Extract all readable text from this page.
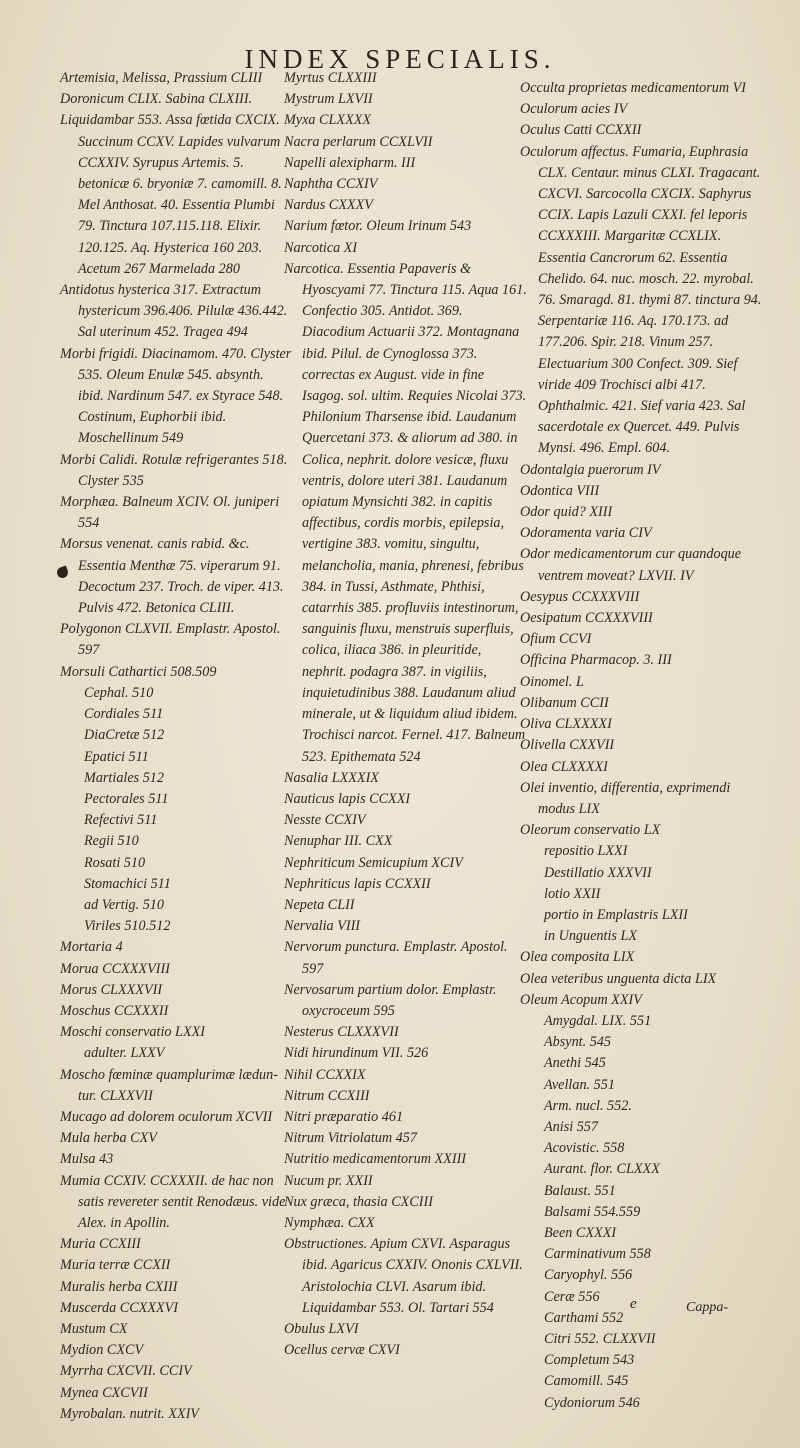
INDEX SPECIALIS.

Artemisia, Melissa, Prassium CLIII

Doronicum CLIX. Sabina CLXIII.

Liquidambar 553. Assa fœtida CXCIX. Succinum CCXV. Lapides vulvarum CCXXIV. Syrupus Artemis. 5. betonicæ 6. bryoniæ 7. camomill. 8. Mel Anthosat. 40. Essentia Plumbi 79. Tinctura 107.115.118. Elixir. 120.125. Aq. Hysterica 160 203. Acetum 267 Marmelada 280

Antidotus hysterica 317. Extractum hystericum 396.406. Pilulæ 436.442. Sal uterinum 452. Tragea 494

Morbi frigidi. Diacinamom. 470. Clyster 535. Oleum Enulæ 545. absynth. ibid. Nardinum 547. ex Styrace 548. Costinum, Euphorbii ibid. Moschellinum 549

Morbi Calidi. Rotulæ refrigerantes 518. Clyster 535

Morphæa. Balneum XCIV. Ol. juniperi 554

Morsus venenat. canis rabid. &c. Essentia Menthæ 75. viperarum 91. Decoctum 237. Troch. de viper. 413. Pulvis 472. Betonica CLIII.

Polygonon CLXVII. Emplastr. Apostol. 597

Morsuli Cathartici 508.509

Cephal. 510

Cordiales 511

DiaCretæ 512

Epatici 511

Martiales 512

Pectorales 511

Refectivi 511

Regii 510

Rosati 510

Stomachici 511

ad Vertig. 510

Viriles 510.512

Mortaria 4

Morua CCXXXVIII

Morus CLXXXVII

Moschus CCXXXII

Moschi conservatio LXXI

adulter. LXXV

Moscho fœminæ quamplurimæ lædun- tur. CLXXVII

Mucago ad dolorem oculorum XCVII

Mula herba CXV

Mulsa 43

Mumia CCXIV. CCXXXII. de hac non satis revereter sentit Renodæus. vide Alex. in Apollin.

Muria CCXIII

Muria terræ CCXII

Muralis herba CXIII

Muscerda CCXXXVI

Mustum CX

Mydion CXCV

Myrrha CXCVII. CCIV

Mynea CXCVII

Myrobalan. nutrit. XXIV

Myrtus CLXXIII

Mystrum LXVII

Myxa CLXXXX

Nacra perlarum CCXLVII

Napelli alexipharm. III

Naphtha CCXIV

Nardus CXXXV

Narium fœtor. Oleum Irinum 543

Narcotica XI

Narcotica. Essentia Papaveris & Hyoscyami 77. Tinctura 115. Aqua 161. Confectio 305. Antidot. 369. Diacodium Actuarii 372. Montagnana ibid. Pilul. de Cynoglossa 373. correctas ex August. vide in fine Isagog. sol. ultim. Requies Nicolai 373. Philonium Tharsense ibid. Laudanum Quercetani 373. & aliorum ad 380. in Colica, nephrit. dolore vesicæ, fluxu ventris, dolore uteri 381. Laudanum opiatum Mynsichti 382. in capitis affectibus, cordis morbis, epilepsia, vertigine 383. vomitu, singultu, melancholia, mania, phrenesi, febribus 384. in Tussi, Asthmate, Phthisi, catarrhis 385. profluviis intestinorum, sanguinis fluxu, menstruis superfluis, colica, iliaca 386. in pleuritide, nephrit. podagra 387. in vigiliis, inquietudinibus 388. Laudanum aliud minerale, ut & liquidum aliud ibidem. Trochisci narcot. Fernel. 417. Balneum 523. Epithemata 524

Nasalia LXXXIX

Nauticus lapis CCXXI

Nesste CCXIV

Nenuphar III. CXX

Nephriticum Semicupium XCIV

Nephriticus lapis CCXXII

Nepeta CLII

Nervalia VIII

Nervorum punctura. Emplastr. Apostol. 597

Nervosarum partium dolor. Emplastr. oxycroceum 595

Nesterus CLXXXVII

Nidi hirundinum VII. 526

Nihil CCXXIX

Nitrum CCXIII

Nitri præparatio 461

Nitrum Vitriolatum 457

Nutritio medicamentorum XXIII

Nucum pr. XXII

Nux græca, thasia CXCIII

Nymphæa. CXX

Obstructiones. Apium CXVI. Asparagus ibid. Agaricus CXXIV. Ononis CXLVII. Aristolochia CLVI. Asarum ibid. Liquidambar 553. Ol. Tartari 554

Obulus LXVI

Ocellus cervæ CXVI

Occulta proprietas medicamentorum VI

Oculorum acies IV

Oculus Catti CCXXII

Oculorum affectus. Fumaria, Euphrasia CLX. Centaur. minus CLXI. Tragacant. CXCVI. Sarcocolla CXCIX. Saphyrus CCIX. Lapis Lazuli CXXI. fel leporis CCXXXIII. Margaritæ CCXLIX. Essentia Cancrorum 62. Essentia Chelido. 64. nuc. mosch. 22. myrobal. 76. Smaragd. 81. thymi 87. tinctura 94. Serpentariæ 116. Aq. 170.173. ad 177.206. Spir. 218. Vinum 257. Electuarium 300 Confect. 309. Sief viride 409 Trochisci albi 417. Ophthalmic. 421. Sief varia 423. Sal sacerdotale ex Quercet. 449. Pulvis Mynsi. 496. Empl. 604.

Odontalgia puerorum IV

Odontica VIII

Odor quid? XIII

Odoramenta varia CIV

Odor medicamentorum cur quandoque ventrem moveat? LXVII. IV

Oesypus CCXXXVIII

Oesipatum CCXXXVIII

Ofium CCVI

Officina Pharmacop. 3. III

Oinomel. L

Olibanum CCII

Oliva CLXXXXI

Olivella CXXVII

Olea CLXXXXI

Olei inventio, differentia, exprimendi modus LIX

Oleorum conservatio LX

repositio LXXI

Destillatio XXXVII

lotio XXII

portio in Emplastris LXII

in Unguentis LX

Olea composita LIX

Olea veteribus unguenta dicta LIX

Oleum Acopum XXIV

Amygdal. LIX. 551

Absynt. 545

Anethi 545

Avellan. 551

Arm. nucl. 552.

Anisi 557

Acovistic. 558

Aurant. flor. CLXXX

Balaust. 551

Balsami 554.559

Been CXXXI

Carminativum 558

Caryophyl. 556

Ceræ 556

Carthami 552

Citri 552. CLXXVII

Completum 543

Camomill. 545

Cydoniorum 546

e	Cappa-
